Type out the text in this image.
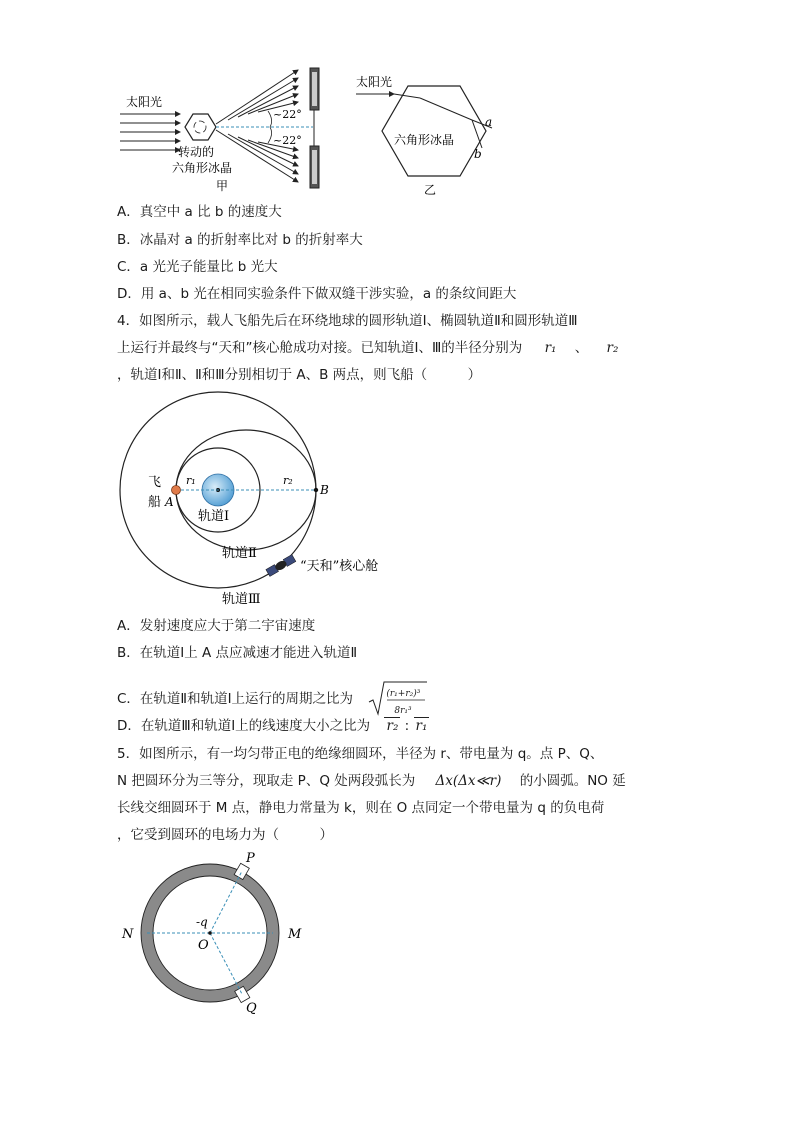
太阳光
~22°
~22°
转动的
六角形冰晶
甲
太阳光
a
b
六角形冰晶
乙
A．真空中 a 比 b 的速度大
B．冰晶对 a 的折射率比对 b 的折射率大
C．a 光光子能量比 b 光大
D．用 a、b 光在相同实验条件下做双缝干涉实验，a 的条纹间距大
4．如图所示，载人飞船先后在环绕地球的圆形轨道Ⅰ、椭圆轨道Ⅱ和圆形轨道Ⅲ
上运行并最终与“天和”核心舱成功对接。已知轨道Ⅰ、Ⅲ的半径分别为 r₁ 、 r₂
，轨道Ⅰ和Ⅱ、Ⅱ和Ⅲ分别相切于 A、B 两点，则飞船（　　　）
飞
船 A
B
r₁	r₂
轨道Ⅰ
轨道Ⅱ
轨道Ⅲ
“天和”核心舱
A．发射速度应大于第二宇宙速度
B．在轨道Ⅰ上 A 点应减速才能进入轨道Ⅱ
C．在轨道Ⅱ和轨道Ⅰ上运行的周期之比为	(r₁+r₂)³
8r₁³
D．在轨道Ⅲ和轨道Ⅰ上的线速度大小之比为 r₂ : r₁
5．如图所示，有一均匀带正电的绝缘细圆环，半径为 r、带电量为 q。点 P、Q、
N 把圆环分为三等分，现取走 P、Q 处两段弧长为 Δx(Δx≪r) 的小圆弧。NO 延
长线交细圆环于 M 点，静电力常量为 k，则在 O 点同定一个带电量为 q 的负电荷
，它受到圆环的电场力为（　　　）
P
Q
N	M
O
-q
